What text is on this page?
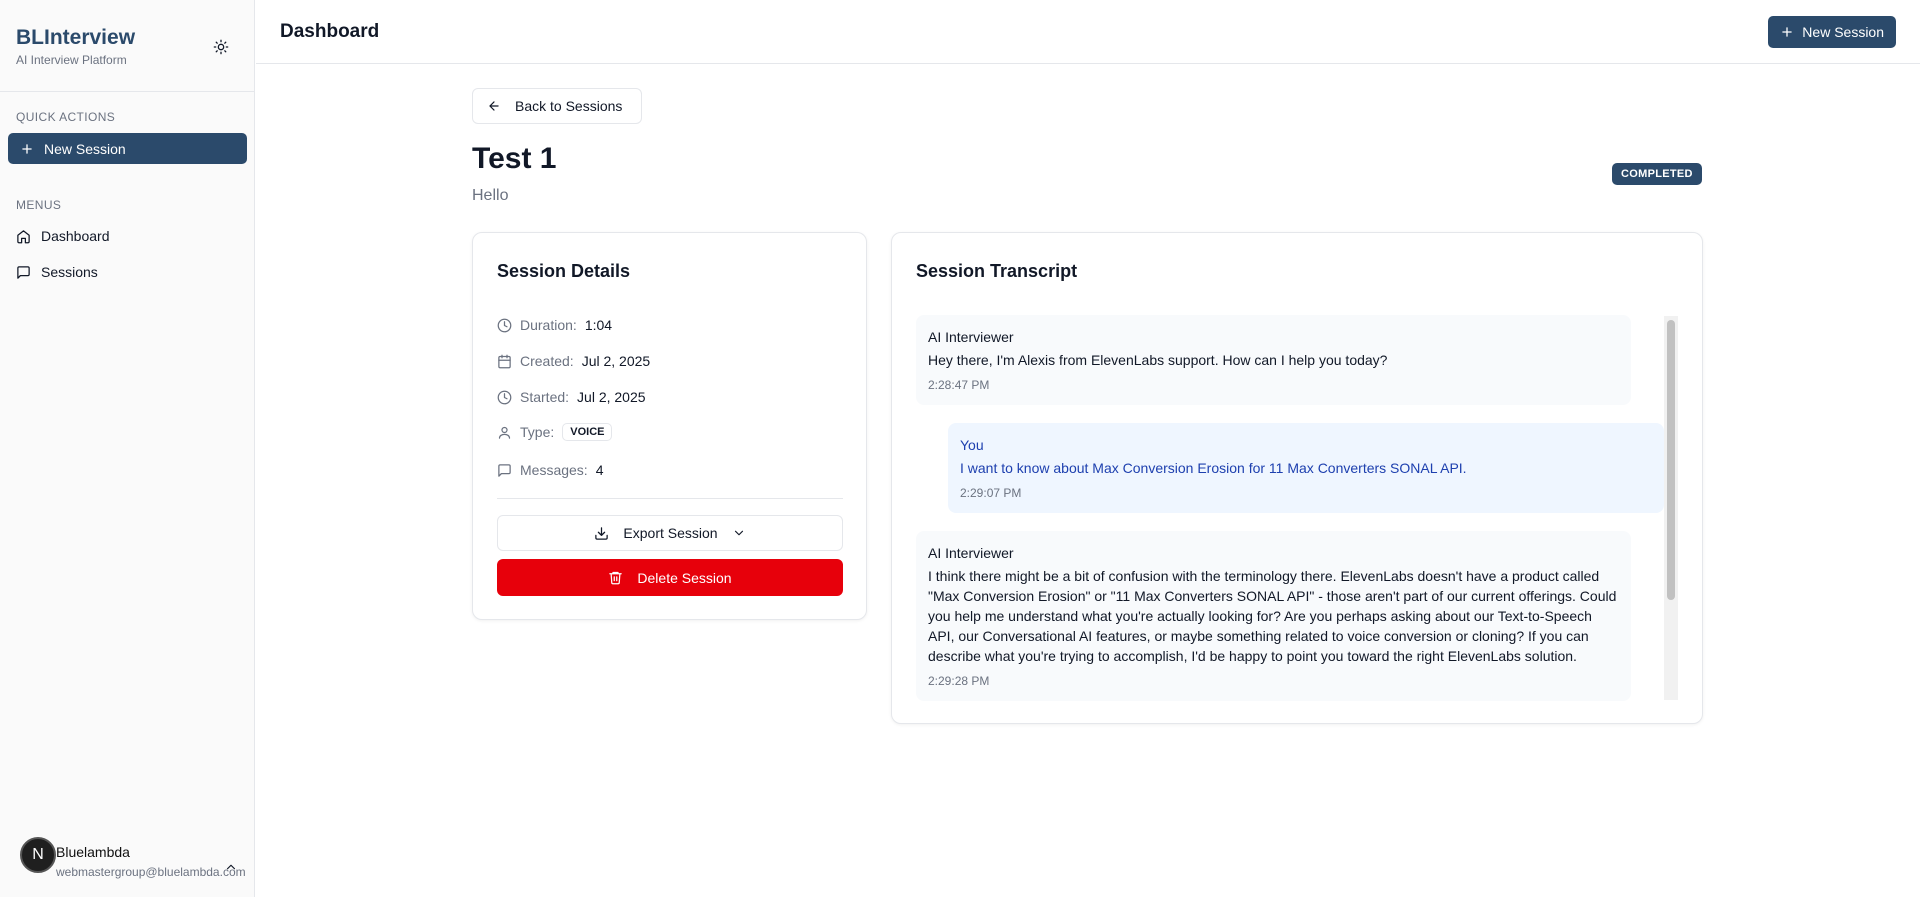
BLInterview
AI Interview Platform
QUICK ACTIONS
New Session
MENUS
Dashboard
Sessions
N Bluelambda
webmastergroup@bluelambda.com
Dashboard	New Session
Back to Sessions
Test 1
Hello
COMPLETED
Session Details
Duration: 1:04
Created: Jul 2, 2025
Started: Jul 2, 2025
Type:	VOICE
Messages: 4
Export Session
Delete Session
Session Transcript
AI Interviewer
Hey there, I'm Alexis from ElevenLabs support. How can I help you today?
2:28:47 PM
You
I want to know about Max Conversion Erosion for 11 Max Converters SONAL API.
2:29:07 PM
AI Interviewer
I think there might be a bit of confusion with the terminology there. ElevenLabs doesn't have a product called "Max Conversion Erosion" or "11 Max Converters SONAL API" - those aren't part of our current offerings. Could you help me understand what you're actually looking for? Are you perhaps asking about our Text-to-Speech API, our Conversational AI features, or maybe something related to voice conversion or cloning? If you can describe what you're trying to accomplish, I'd be happy to point you toward the right ElevenLabs solution.
2:29:28 PM
